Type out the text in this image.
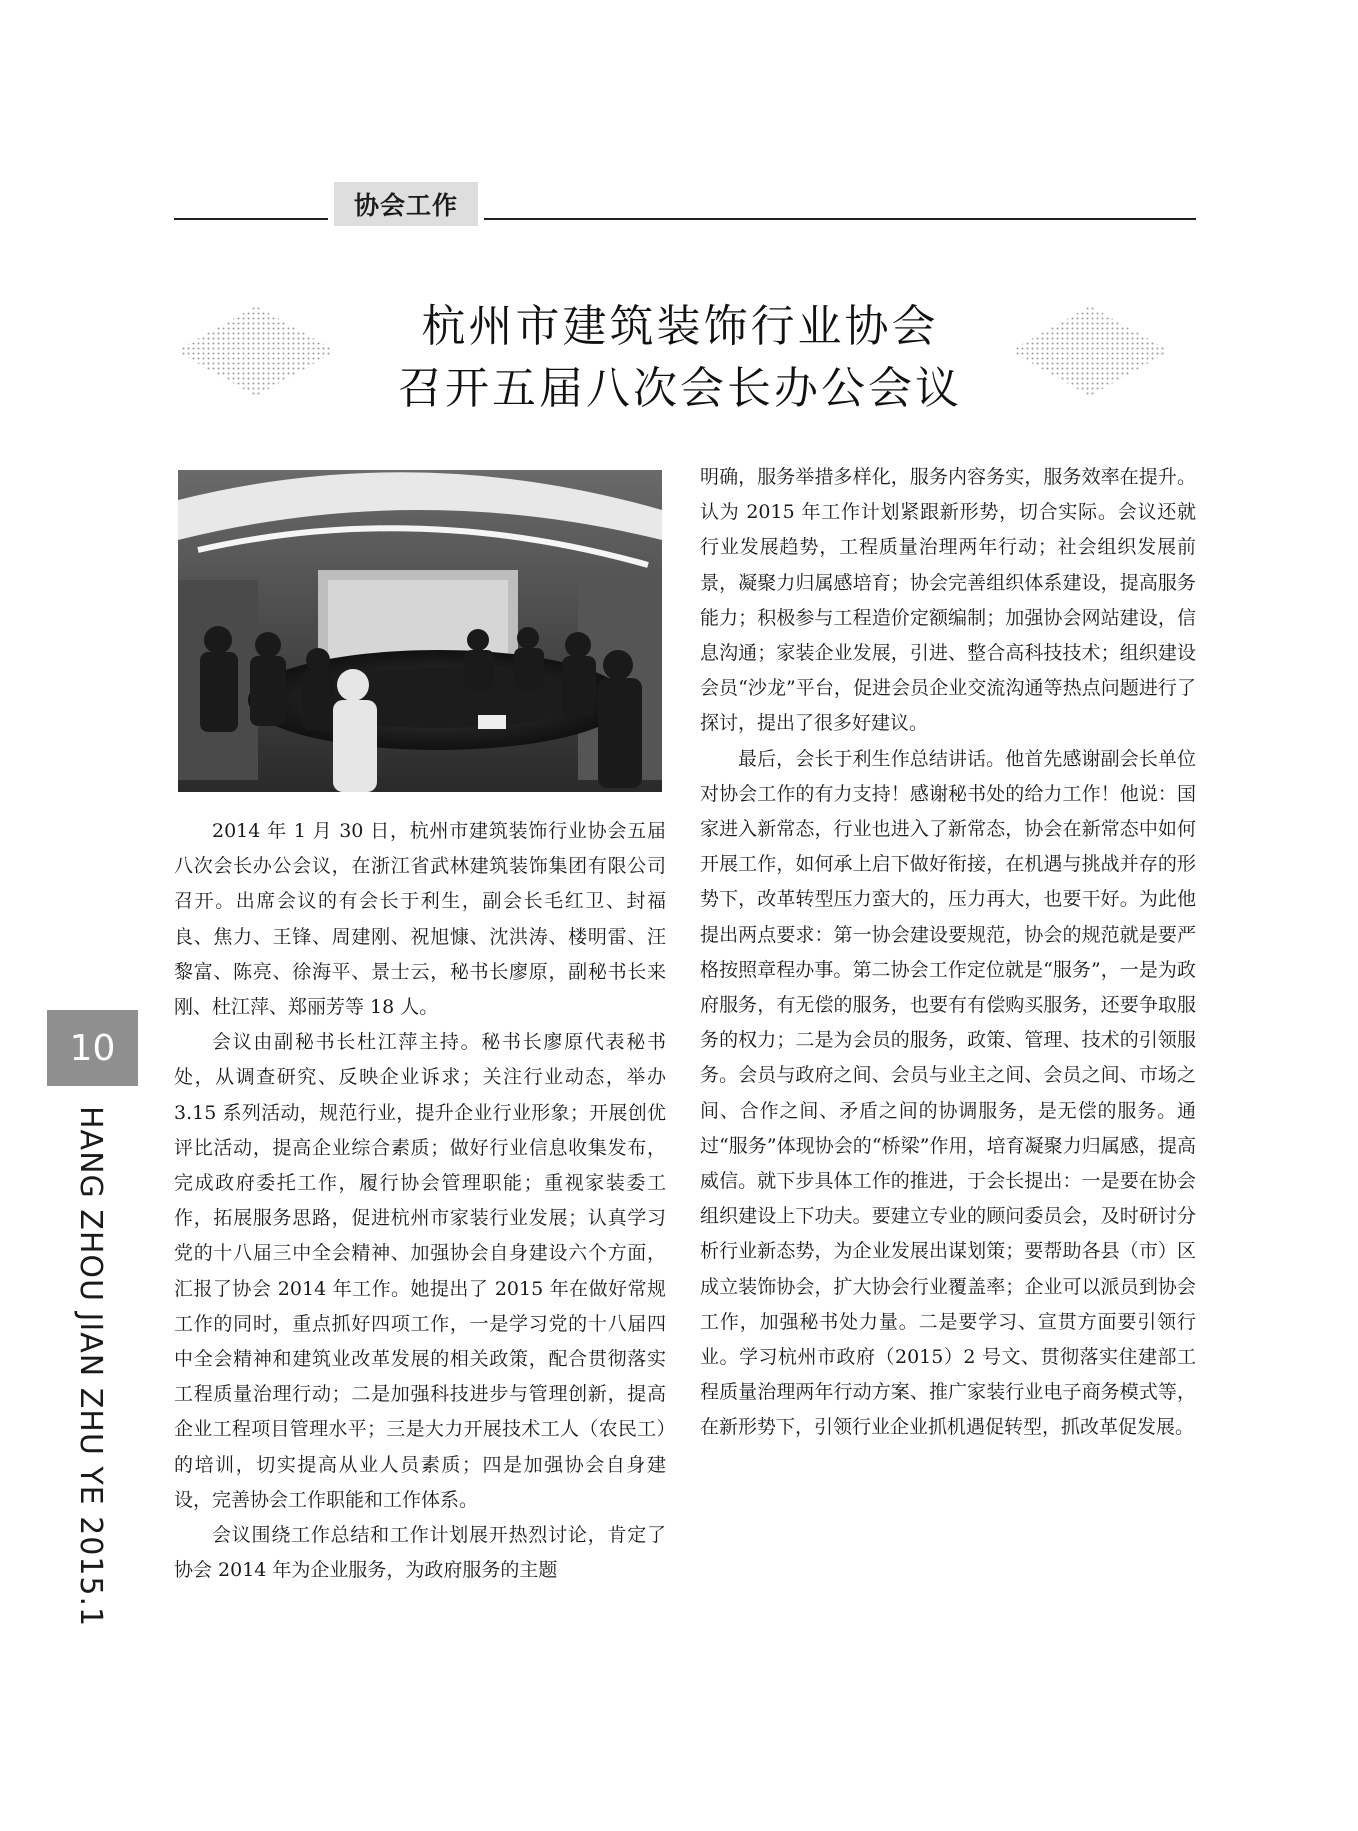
协会工作
杭州市建筑装饰行业协会
召开五届八次会长办公会议

2014 年 1 月 30 日，杭州市建筑装饰行业协会五届八次会长办公会议，在浙江省武林建筑装饰集团有限公司召开。出席会议的有会长于利生，副会长毛红卫、封福良、焦力、王锋、周建刚、祝旭慷、沈洪涛、楼明雷、汪黎富、陈亮、徐海平、景士云，秘书长廖原，副秘书长来刚、杜江萍、郑丽芳等 18 人。

会议由副秘书长杜江萍主持。秘书长廖原代表秘书处，从调查研究、反映企业诉求；关注行业动态，举办 3.15 系列活动，规范行业，提升企业行业形象；开展创优评比活动，提高企业综合素质；做好行业信息收集发布，完成政府委托工作，履行协会管理职能；重视家装委工作，拓展服务思路，促进杭州市家装行业发展；认真学习党的十八届三中全会精神、加强协会自身建设六个方面，汇报了协会 2014 年工作。她提出了 2015 年在做好常规工作的同时，重点抓好四项工作，一是学习党的十八届四中全会精神和建筑业改革发展的相关政策，配合贯彻落实工程质量治理行动；二是加强科技进步与管理创新，提高企业工程项目管理水平；三是大力开展技术工人（农民工）的培训，切实提高从业人员素质；四是加强协会自身建设，完善协会工作职能和工作体系。

会议围绕工作总结和工作计划展开热烈讨论，肯定了协会 2014 年为企业服务，为政府服务的主题

明确，服务举措多样化，服务内容务实，服务效率在提升。认为 2015 年工作计划紧跟新形势，切合实际。会议还就行业发展趋势，工程质量治理两年行动；社会组织发展前景，凝聚力归属感培育；协会完善组织体系建设，提高服务能力；积极参与工程造价定额编制；加强协会网站建设，信息沟通；家装企业发展，引进、整合高科技技术；组织建设会员“沙龙”平台，促进会员企业交流沟通等热点问题进行了探讨，提出了很多好建议。

最后，会长于利生作总结讲话。他首先感谢副会长单位对协会工作的有力支持！感谢秘书处的给力工作！他说：国家进入新常态，行业也进入了新常态，协会在新常态中如何开展工作，如何承上启下做好衔接，在机遇与挑战并存的形势下，改革转型压力蛮大的，压力再大，也要干好。为此他提出两点要求：第一协会建设要规范，协会的规范就是要严格按照章程办事。第二协会工作定位就是“服务”，一是为政府服务，有无偿的服务，也要有有偿购买服务，还要争取服务的权力；二是为会员的服务，政策、管理、技术的引领服务。会员与政府之间、会员与业主之间、会员之间、市场之间、合作之间、矛盾之间的协调服务，是无偿的服务。通过“服务”体现协会的“桥梁”作用，培育凝聚力归属感，提高威信。就下步具体工作的推进，于会长提出：一是要在协会组织建设上下功夫。要建立专业的顾问委员会，及时研讨分析行业新态势，为企业发展出谋划策；要帮助各县（市）区成立装饰协会，扩大协会行业覆盖率；企业可以派员到协会工作，加强秘书处力量。二是要学习、宣贯方面要引领行业。学习杭州市政府（2015）2 号文、贯彻落实住建部工程质量治理两年行动方案、推广家装行业电子商务模式等，在新形势下，引领行业企业抓机遇促转型，抓改革促发展。

10
HANG ZHOU JIAN ZHU YE 2015.1
